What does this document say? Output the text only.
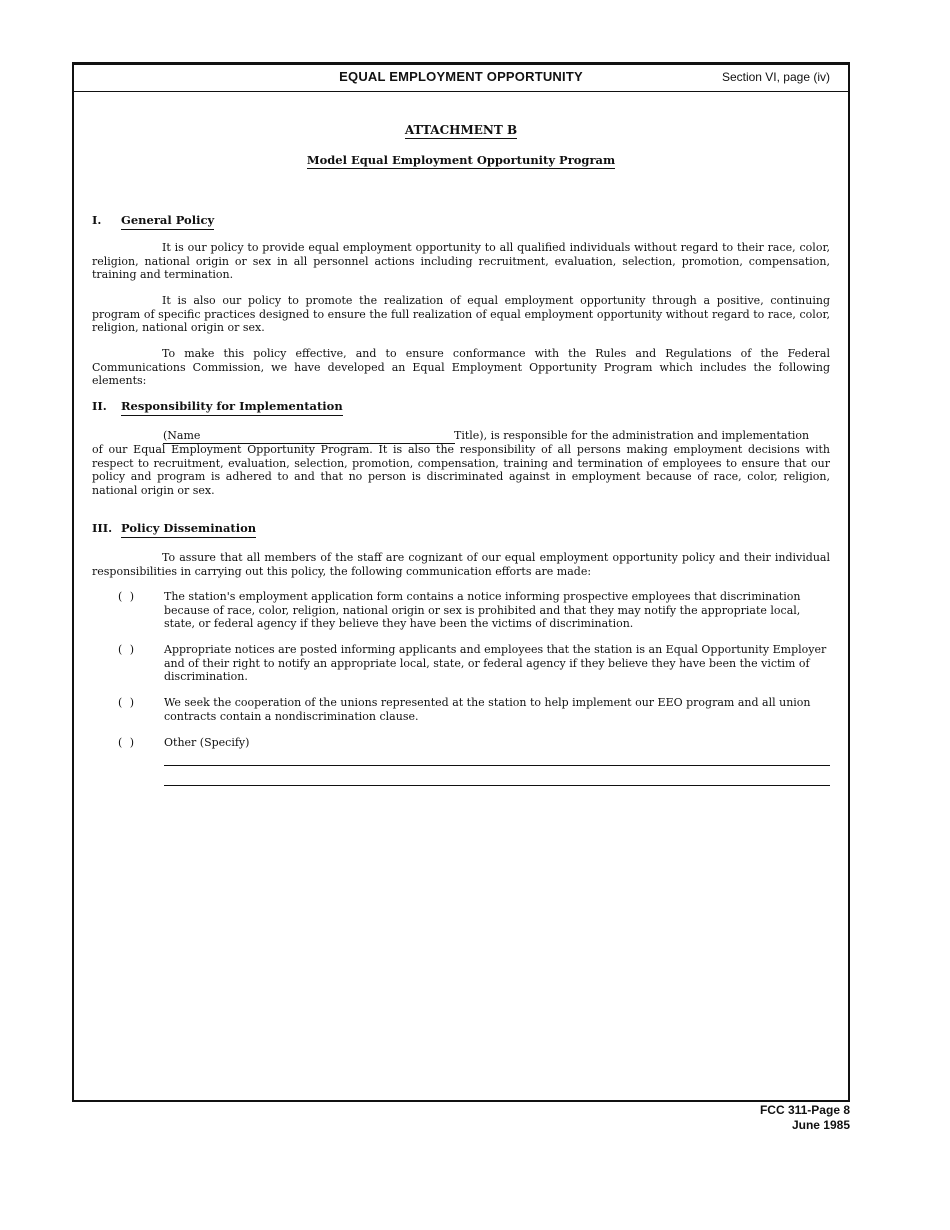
EQUAL EMPLOYMENT OPPORTUNITY	Section VI, page (iv)
ATTACHMENT B
Model Equal Employment Opportunity Program
I. General Policy

It is our policy to provide equal employment opportunity to all qualified individuals without regard to their race, color, religion, national origin or sex in all personnel actions including recruitment, evaluation, selection, promotion, compensation, training and termination.

It is also our policy to promote the realization of equal employment opportunity through a positive, continuing program of specific practices designed to ensure the full realization of equal employment opportunity without regard to race, color, religion, national origin or sex.

To make this policy effective, and to ensure conformance with the Rules and Regulations of the Federal Communications Commission, we have developed an Equal Employment Opportunity Program which includes the following elements:

II. Responsibility for Implementation
(Name	Title), is responsible for the administration and implementation

of our Equal Employment Opportunity Program. It is also the responsibility of all persons making employment decisions with respect to recruitment, evaluation, selection, promotion, compensation, training and termination of employees to ensure that our policy and program is adhered to and that no person is discriminated against in employment because of race, color, religion, national origin or sex.

III. Policy Dissemination

To assure that all members of the staff are cognizant of our equal employment opportunity policy and their individual responsibilities in carrying out this policy, the following communication efforts are made:

( )	The station's employment application form contains a notice informing prospective employees that discrimination because of race, color, religion, national origin or sex is prohibited and that they may notify the appropriate local, state, or federal agency if they believe they have been the victims of discrimination.

( )	Appropriate notices are posted informing applicants and employees that the station is an Equal Opportunity Employer and of their right to notify an appropriate local, state, or federal agency if they believe they have been the victim of discrimination.

( )	We seek the cooperation of the unions represented at the station to help implement our EEO program and all union contracts contain a nondiscrimination clause.

( )	Other (Specify)

FCC 311-Page 8
June 1985
